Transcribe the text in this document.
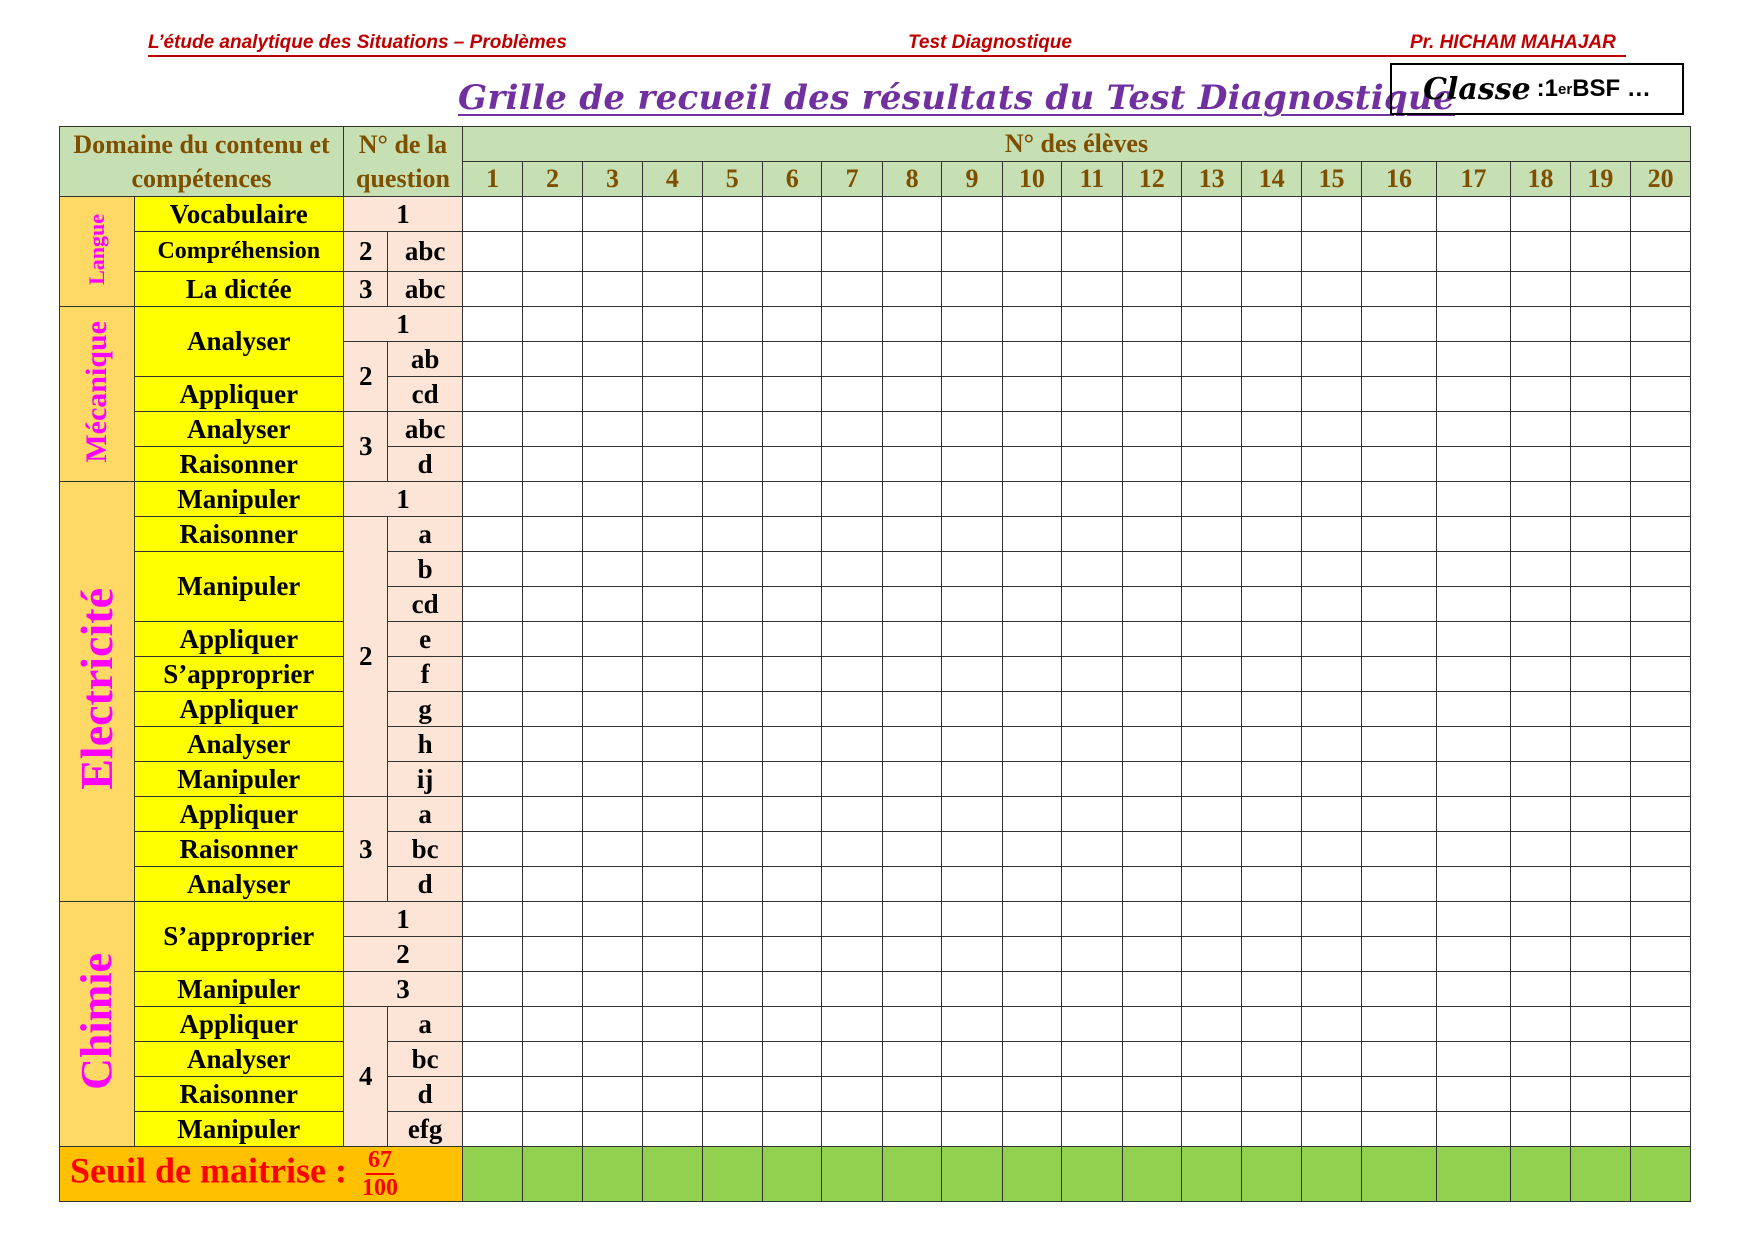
L’étude analytique des Situations – Problèmes	Test Diagnostique	Pr. HICHAM MAHAJAR
Grille de recueil des résultats du Test Diagnostique
Classe : 1 er BSF …
Domaine du contenu et compétences		N° de la question		N° des élèves																			
				1	2	3	4	5	6	7	8	9	10	11	12	13	14	15	16	17	18	19	20
Langue	Vocabulaire	1																					
	Compréhension	2	abc																				
	La dictée	3	abc																				
Mécanique	Analyser	1																					
		2	ab																				
	Appliquer		cd																				
	Analyser	3	abc																				
	Raisonner		d																				
Electricité	Manipuler	1																					
	Raisonner	2	a																				
	Manipuler		b																				
			cd																				
	Appliquer		e																				
	S’approprier		f																				
	Appliquer		g																				
	Analyser		h																				
	Manipuler		ij																				
	Appliquer	3	a																				
	Raisonner		bc																				
	Analyser		d																				
Chimie	S’approprier	1																					
		2																					
	Manipuler	3																					
	Appliquer	4	a																				
	Analyser		bc																				
	Raisonner		d																				
	Manipuler		efg																				
Seuil de maitrise : $\frac{67}{100}$
